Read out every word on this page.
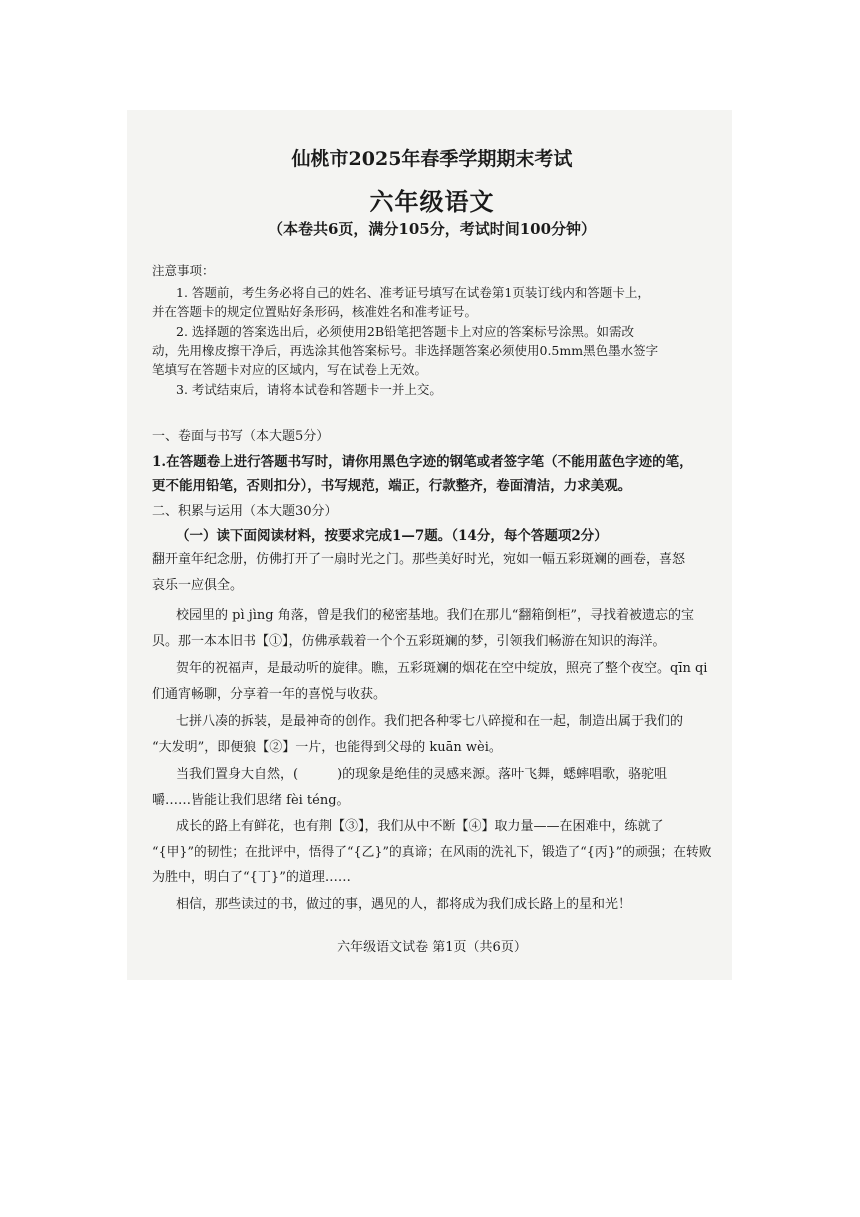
仙桃市2025年春季学期期末考试
六年级语文
（本卷共6页，满分105分，考试时间100分钟）
注意事项：
1. 答题前，考生务必将自己的姓名、准考证号填写在试卷第1页装订线内和答题卡上，
并在答题卡的规定位置贴好条形码，核准姓名和准考证号。
2. 选择题的答案选出后，必须使用2B铅笔把答题卡上对应的答案标号涂黑。如需改
动，先用橡皮擦干净后，再选涂其他答案标号。非选择题答案必须使用0.5mm黑色墨水签字
笔填写在答题卡对应的区域内，写在试卷上无效。
3. 考试结束后，请将本试卷和答题卡一并上交。
一、卷面与书写（本大题5分）
1.在答题卷上进行答题书写时，请你用黑色字迹的钢笔或者签字笔（不能用蓝色字迹的笔，
更不能用铅笔，否则扣分），书写规范，端正，行款整齐，卷面清洁，力求美观。
二、积累与运用（本大题30分）
（一）读下面阅读材料，按要求完成1—7题。（14分，每个答题项2分）
翻开童年纪念册，仿佛打开了一扇时光之门。那些美好时光，宛如一幅五彩斑斓的画卷，喜怒
哀乐一应俱全。
校园里的 pì jìng 角落，曾是我们的秘密基地。我们在那儿“翻箱倒柜”，寻找着被遗忘的宝
贝。那一本本旧书【①】，仿佛承载着一个个五彩斑斓的梦，引领我们畅游在知识的海洋。
贺年的祝福声，是最动听的旋律。瞧，五彩斑斓的烟花在空中绽放，照亮了整个夜空。qīn qi
们通宵畅聊，分享着一年的喜悦与收获。
七拼八凑的拆装，是最神奇的创作。我们把各种零七八碎搅和在一起，制造出属于我们的
“大发明”，即便狼【②】一片，也能得到父母的 kuān wèi。
当我们置身大自然，(　　　)的现象是绝佳的灵感来源。落叶飞舞，蟋蟀唱歌，骆驼咀
嚼……皆能让我们思绪 fèi téng。
成长的路上有鲜花，也有荆【③】，我们从中不断【④】取力量——在困难中，练就了
“{甲}”的韧性；在批评中，悟得了“{乙}”的真谛；在风雨的洗礼下，锻造了“{丙}”的顽强；在转败
为胜中，明白了“{丁}”的道理……
相信，那些读过的书，做过的事，遇见的人，都将成为我们成长路上的星和光！
六年级语文试卷 第1页（共6页）
